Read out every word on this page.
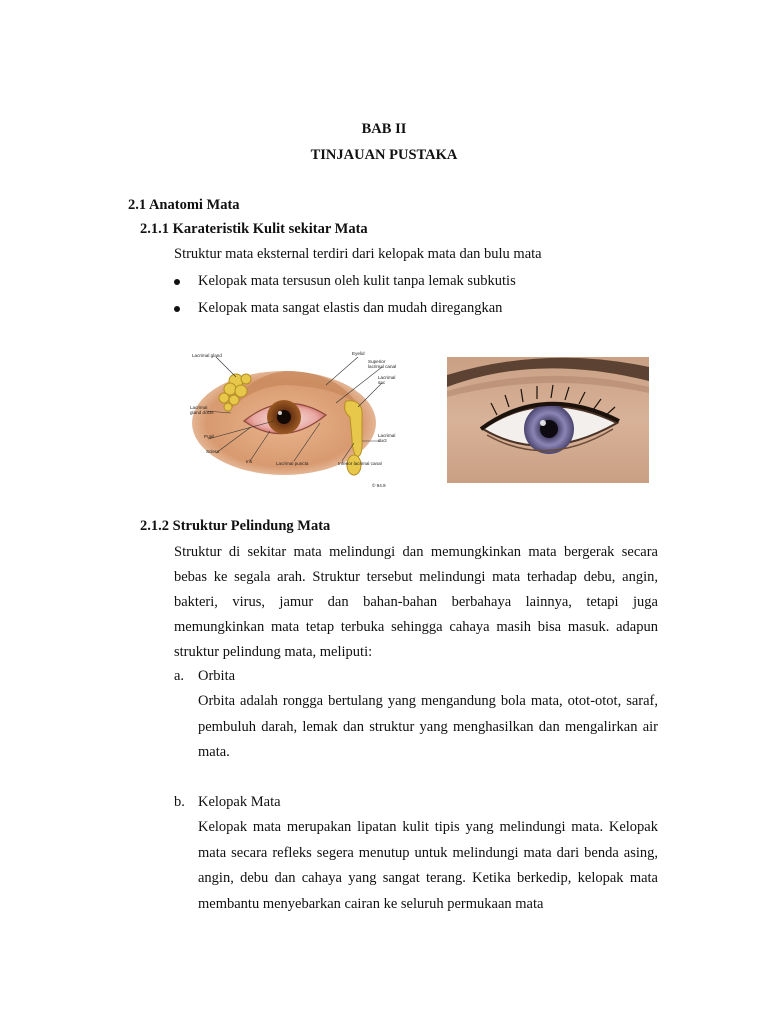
BAB II
TINJAUAN PUSTAKA
2.1 Anatomi Mata
2.1.1 Karateristik Kulit sekitar Mata
Struktur mata eksternal terdiri dari kelopak mata dan bulu mata
Kelopak mata tersusun oleh kulit tanpa lemak subkutis
Kelopak mata sangat elastis dan mudah diregangkan
Lacrimal gland	Eyelid
Superior
lacrimal canal
Lacrimal
sac
Lacrimal
gland ducts
Pupil
Sclera
Iris	Lacrimal puncta	Inferior lacrimal canal
Lacrimal
duct
© 94.9
2.1.2 Struktur Pelindung Mata
Struktur di sekitar mata melindungi dan memungkinkan mata bergerak secara bebas ke segala arah. Struktur tersebut melindungi mata terhadap debu, angin, bakteri, virus, jamur dan bahan-bahan berbahaya lainnya, tetapi juga memungkinkan mata tetap terbuka sehingga cahaya masih bisa masuk. adapun struktur pelindung mata, meliputi:
a. Orbita
Orbita adalah rongga bertulang yang mengandung bola mata, otot-otot, saraf, pembuluh darah, lemak dan struktur yang menghasilkan dan mengalirkan air mata.
b. Kelopak Mata
Kelopak mata merupakan lipatan kulit tipis yang melindungi mata. Kelopak mata secara refleks segera menutup untuk melindungi mata dari benda asing, angin, debu dan cahaya yang sangat terang. Ketika berkedip, kelopak mata membantu menyebarkan cairan ke seluruh permukaan mata
